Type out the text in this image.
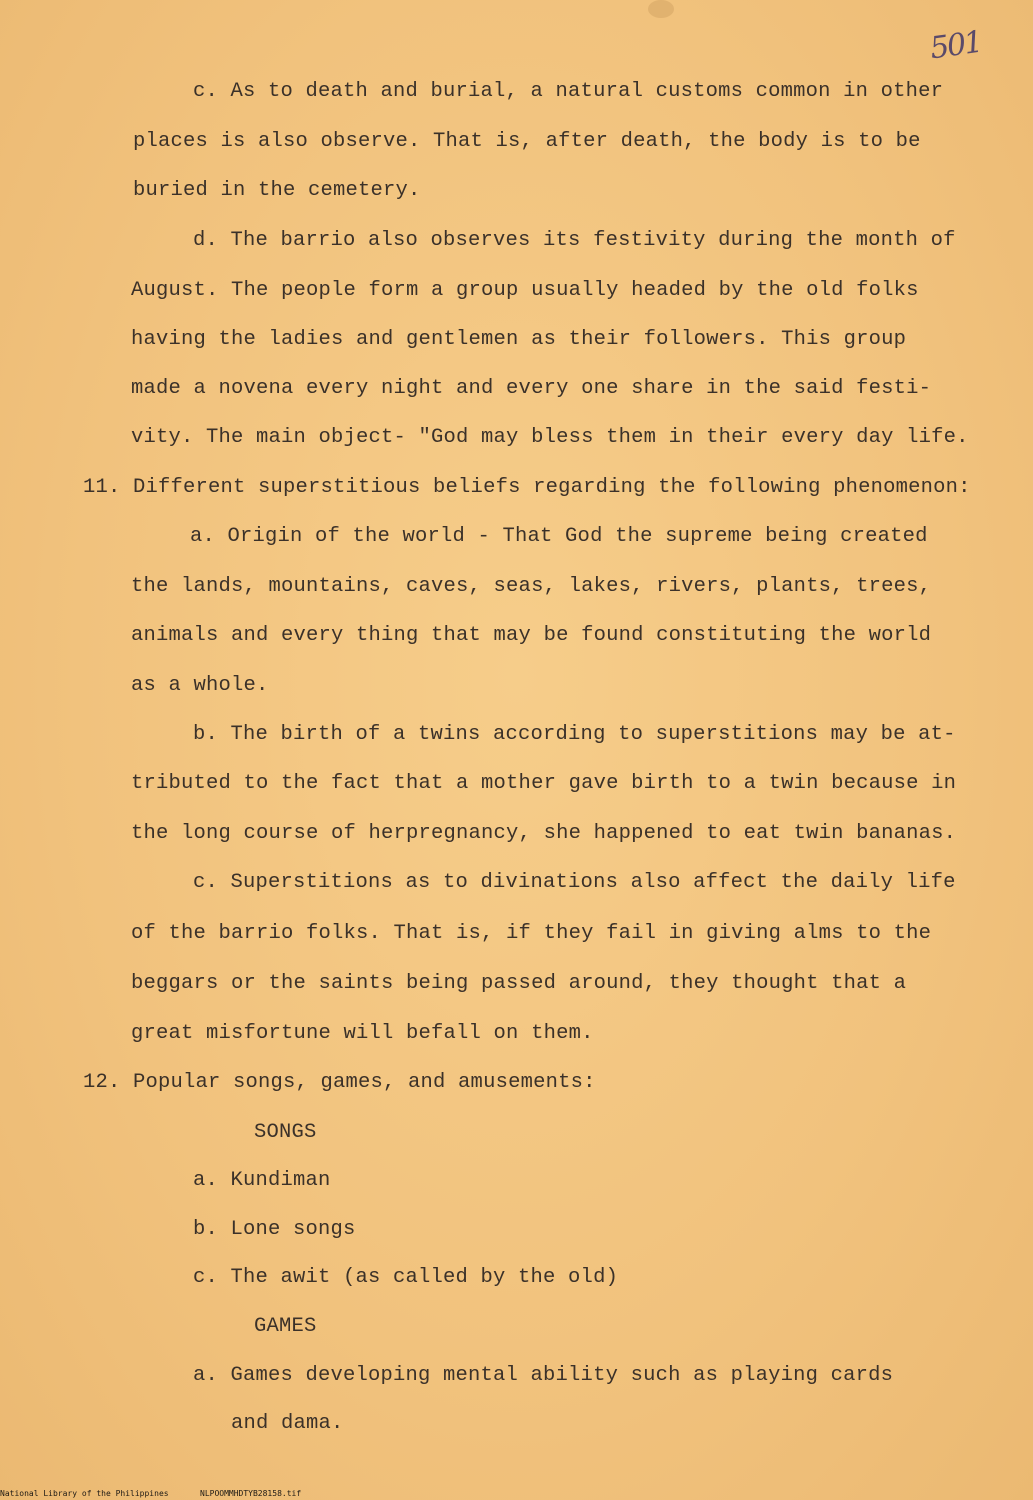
501
c. As to death and burial, a natural customs common in other
places is also observe. That is, after death, the body is to be
buried in the cemetery.
d. The barrio also observes its festivity during the month of
August. The people form a group usually headed by the old folks
having the ladies and gentlemen as their followers. This group
made a novena every night and every one share in the said festi-
vity. The main object- "God may bless them in their every day life.
11. Different superstitious beliefs regarding the following phenomenon:
a. Origin of the world - That God the supreme being created
the lands, mountains, caves, seas, lakes, rivers, plants, trees,
animals and every thing that may be found constituting the world
as a whole.
b. The birth of a twins according to superstitions may be at-
tributed to the fact that a mother gave birth to a twin because in
the long course of herpregnancy, she happened to eat twin bananas.
c. Superstitions as to divinations also affect the daily life
of the barrio folks. That is, if they fail in giving alms to the
beggars or the saints being passed around, they thought that a
great misfortune will befall on them.
12. Popular songs, games, and amusements:
SONGS
a. Kundiman
b. Lone songs
c. The awit (as called by the old)
GAMES
a. Games developing mental ability such as playing cards
and dama.
National Library of the Philippines	NLPOOMMHDTYB28158.tif
